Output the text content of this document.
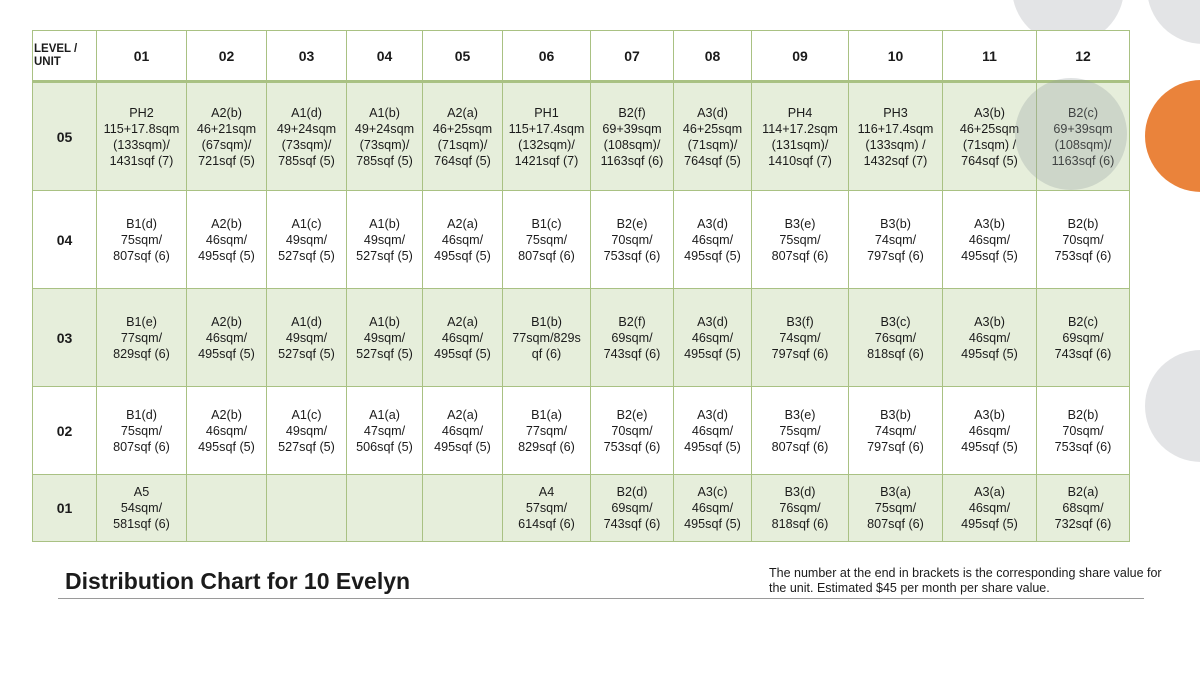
LEVEL /
UNIT	01	02	03	04	05	06	07	08	09	10	11	12
05	PH2
115+17.8sqm
(133sqm)/
1431sqf (7)	A2(b)
46+21sqm
(67sqm)/
721sqf (5)	A1(d)
49+24sqm
(73sqm)/
785sqf (5)	A1(b)
49+24sqm
(73sqm)/
785sqf (5)	A2(a)
46+25sqm
(71sqm)/
764sqf (5)	PH1
115+17.4sqm
(132sqm)/
1421sqf (7)	B2(f)
69+39sqm
(108sqm)/
1163sqf (6)	A3(d)
46+25sqm
(71sqm)/
764sqf (5)	PH4
114+17.2sqm
(131sqm)/
1410sqf (7)	PH3
116+17.4sqm
(133sqm) /
1432sqf (7)	A3(b)
46+25sqm
(71sqm) /
764sqf (5)	B2(c)
69+39sqm
(108sqm)/
1163sqf (6)
04	B1(d)
75sqm/
807sqf (6)	A2(b)
46sqm/
495sqf (5)	A1(c)
49sqm/
527sqf (5)	A1(b)
49sqm/
527sqf (5)	A2(a)
46sqm/
495sqf (5)	B1(c)
75sqm/
807sqf (6)	B2(e)
70sqm/
753sqf (6)	A3(d)
46sqm/
495sqf (5)	B3(e)
75sqm/
807sqf (6)	B3(b)
74sqm/
797sqf (6)	A3(b)
46sqm/
495sqf (5)	B2(b)
70sqm/
753sqf (6)
03	B1(e)
77sqm/
829sqf (6)	A2(b)
46sqm/
495sqf (5)	A1(d)
49sqm/
527sqf (5)	A1(b)
49sqm/
527sqf (5)	A2(a)
46sqm/
495sqf (5)	B1(b)
77sqm/829s
qf (6)	B2(f)
69sqm/
743sqf (6)	A3(d)
46sqm/
495sqf (5)	B3(f)
74sqm/
797sqf (6)	B3(c)
76sqm/
818sqf (6)	A3(b)
46sqm/
495sqf (5)	B2(c)
69sqm/
743sqf (6)
02	B1(d)
75sqm/
807sqf (6)	A2(b)
46sqm/
495sqf (5)	A1(c)
49sqm/
527sqf (5)	A1(a)
47sqm/
506sqf (5)	A2(a)
46sqm/
495sqf (5)	B1(a)
77sqm/
829sqf (6)	B2(e)
70sqm/
753sqf (6)	A3(d)
46sqm/
495sqf (5)	B3(e)
75sqm/
807sqf (6)	B3(b)
74sqm/
797sqf (6)	A3(b)
46sqm/
495sqf (5)	B2(b)
70sqm/
753sqf (6)
01	A5
54sqm/
581sqf (6)					A4
57sqm/
614sqf (6)	B2(d)
69sqm/
743sqf (6)	A3(c)
46sqm/
495sqf (5)	B3(d)
76sqm/
818sqf (6)	B3(a)
75sqm/
807sqf (6)	A3(a)
46sqm/
495sqf (5)	B2(a)
68sqm/
732sqf (6)
Distribution Chart for 10 Evelyn	The number at the end in brackets is the corresponding share value for the unit. Estimated $45 per month per share value.
